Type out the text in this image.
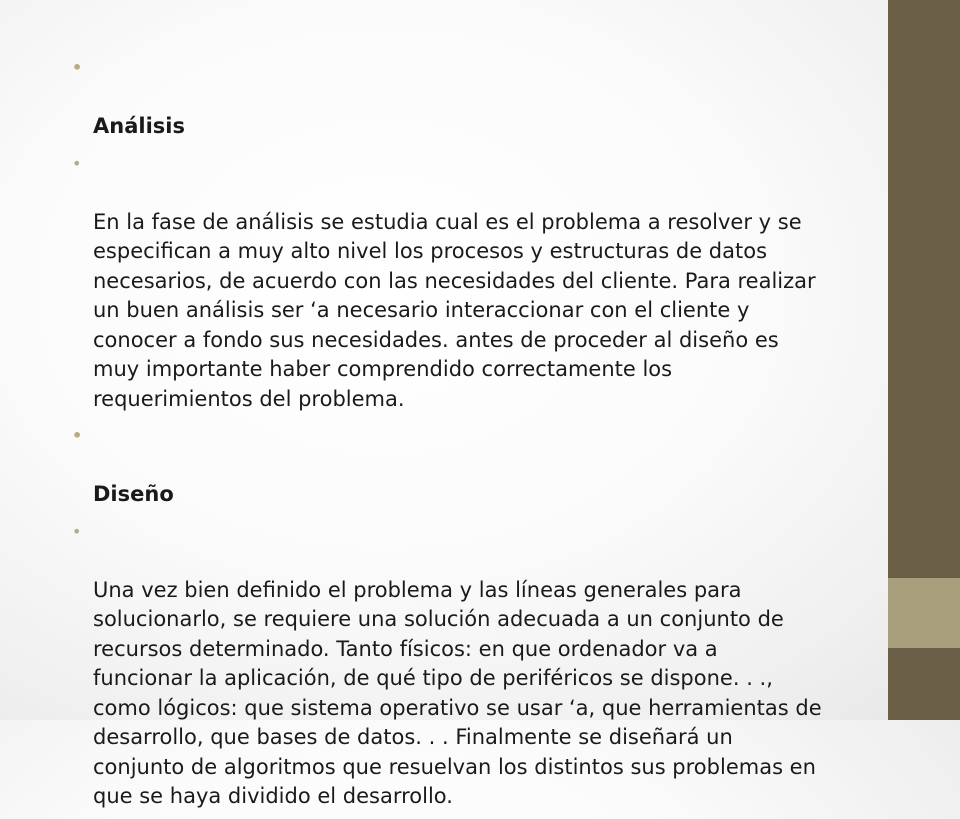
•

Análisis

•

En la fase de análisis se estudia cual es el problema a resolver y se
especifican a muy alto nivel los procesos y estructuras de datos
necesarios, de acuerdo con las necesidades del cliente. Para realizar
un buen análisis ser ‘a necesario interaccionar con el cliente y
conocer a fondo sus necesidades. antes de proceder al diseño es
muy importante haber comprendido correctamente los
requerimientos del problema.

•

Diseño

•

Una vez bien definido el problema y las líneas generales para
solucionarlo, se requiere una solución adecuada a un conjunto de
recursos determinado. Tanto físicos: en que ordenador va a
funcionar la aplicación, de qué tipo de periféricos se dispone. . .,
como lógicos: que sistema operativo se usar ‘a, que herramientas de
desarrollo, que bases de datos. . . Finalmente se diseñará un
conjunto de algoritmos que resuelvan los distintos sus problemas en
que se haya dividido el desarrollo.
